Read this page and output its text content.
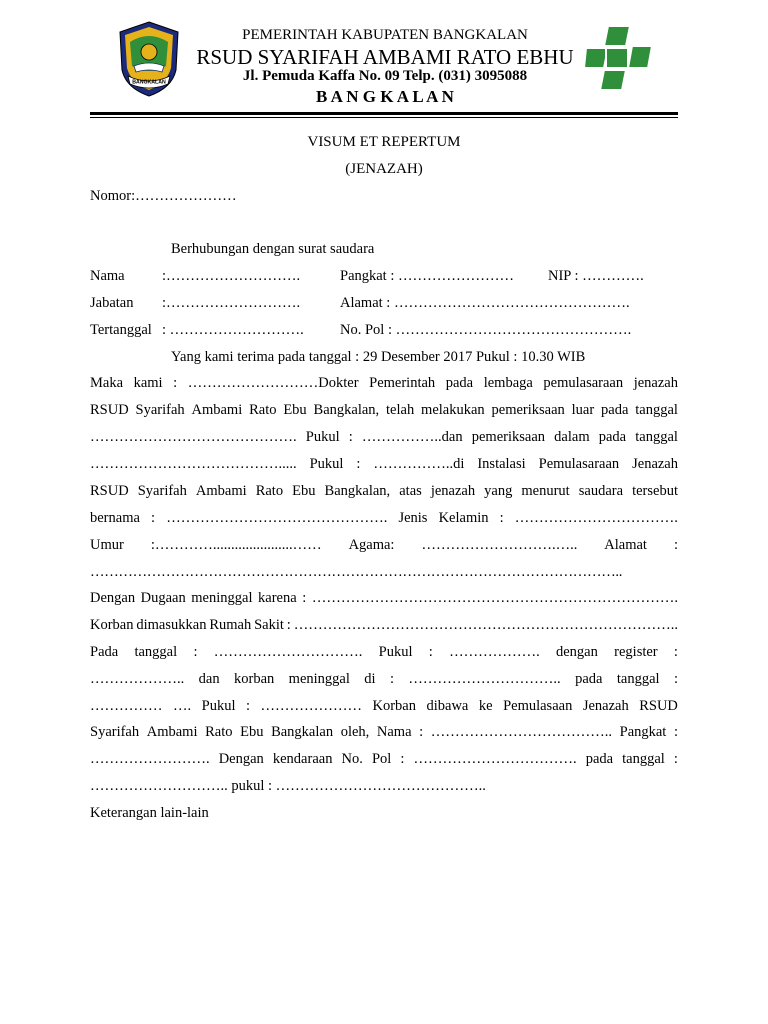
BANGKALAN
PEMERINTAH KABUPATEN BANGKALAN
RSUD SYARIFAH AMBAMI RATO EBHU
Jl. Pemuda Kaffa No. 09 Telp. (031) 3095088
B A N G K A L A N
VISUM ET REPERTUM
(JENAZAH)
Nomor:…………………
Berhubungan dengan surat saudara
Nama	:……………………….	Pangkat : …………………… NIP : ………….
Jabatan :……………………….	Alamat : ………………………………………….
Tertanggal : ………………………. No. Pol : ………………………………………….
Yang kami terima pada tanggal : 29 Desember 2017 Pukul : 10.30 WIB
Maka kami : ………………………Dokter Pemerintah pada lembaga pemulasaraan jenazah
RSUD Syarifah Ambami Rato Ebu Bangkalan, telah melakukan pemeriksaan luar pada tanggal
……………………………………. Pukul : ……………..dan pemeriksaan dalam pada tanggal
…………………………………..... Pukul : ……………..di Instalasi Pemulasaraan Jenazah
RSUD Syarifah Ambami Rato Ebu Bangkalan, atas jenazah yang menurut saudara tersebut
bernama : ………………………………………. Jenis Kelamin : …………………………….
Umur :…………......................…… Agama: ……………………….….. Alamat :
…………………………………………………………………………………………………..
Dengan Dugaan meninggal karena : ………………………………………………………………….
Korban dimasukkan Rumah Sakit : ……………………………………………………………………..
Pada tanggal : …………………………. Pukul : ………………. dengan register :
……………….. dan korban meninggal di : ………………………….. pada tanggal :
…………… …. Pukul : ………………… Korban dibawa ke Pemulasaan Jenazah RSUD
Syarifah Ambami Rato Ebu Bangkalan oleh, Nama : ……………………………….. Pangkat :
……………………. Dengan kendaraan No. Pol : ……………………………. pada tanggal :
……………………….. pukul : ……………………………………..
Keterangan lain-lain
